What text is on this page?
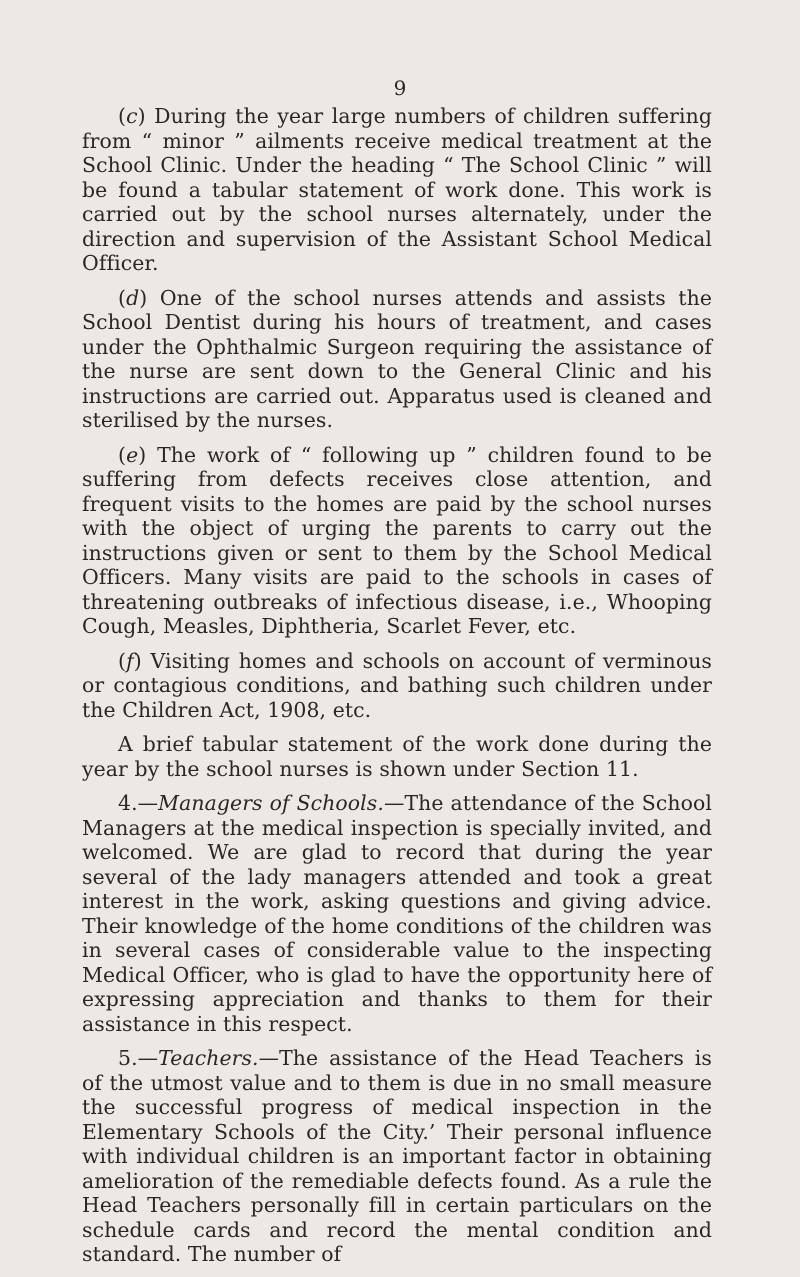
9

(c) During the year large numbers of children suffering from “ minor ” ailments receive medical treatment at the School Clinic. Under the heading “ The School Clinic ” will be found a tabular statement of work done. This work is carried out by the school nurses alternately, under the direction and supervision of the Assistant School Medical Officer.

(d) One of the school nurses attends and assists the School Dentist during his hours of treatment, and cases under the Ophthalmic Surgeon requiring the assistance of the nurse are sent down to the General Clinic and his instructions are carried out. Apparatus used is cleaned and sterilised by the nurses.

(e) The work of “ following up ” children found to be suffering from defects receives close attention, and frequent visits to the homes are paid by the school nurses with the object of urging the parents to carry out the instructions given or sent to them by the School Medical Officers. Many visits are paid to the schools in cases of threatening outbreaks of infectious disease, i.e., Whooping Cough, Measles, Diphtheria, Scarlet Fever, etc.

(f) Visiting homes and schools on account of verminous or contagious conditions, and bathing such children under the Children Act, 1908, etc.

A brief tabular statement of the work done during the year by the school nurses is shown under Section 11.

4.—Managers of Schools.—The attendance of the School Managers at the medical inspection is specially invited, and welcomed. We are glad to record that during the year several of the lady managers attended and took a great interest in the work, asking questions and giving advice. Their knowledge of the home conditions of the children was in several cases of considerable value to the inspecting Medical Officer, who is glad to have the opportunity here of expressing appreciation and thanks to them for their assistance in this respect.

5.—Teachers.—The assistance of the Head Teachers is of the utmost value and to them is due in no small measure the successful progress of medical inspection in the Elementary Schools of the City.’ Their personal influence with individual children is an important factor in obtaining amelioration of the remediable defects found. As a rule the Head Teachers personally fill in certain particulars on the schedule cards and record the mental condition and standard. The number of
